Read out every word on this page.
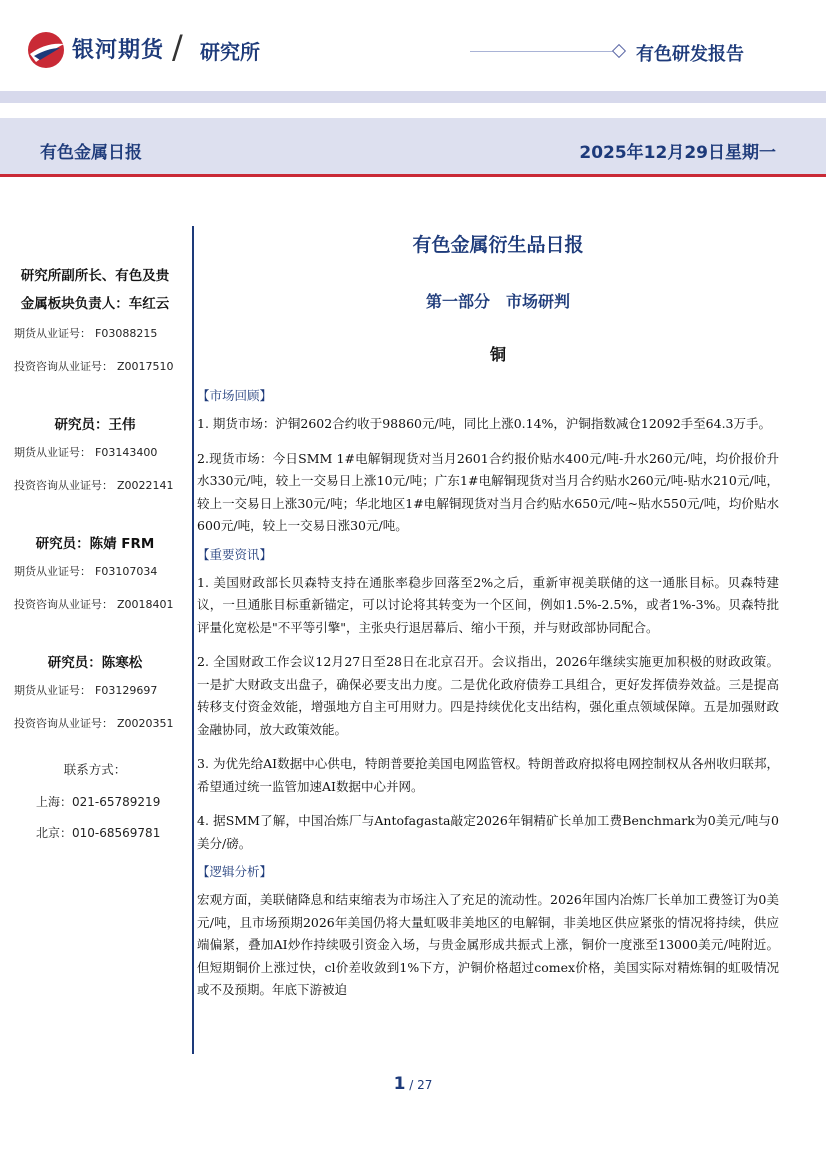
银河期货 / 研究所	有色研发报告
有色金属日报	2025年12月29日星期一
研究所副所长、有色及贵
金属板块负责人：车红云
期货从业证号： F03088215
投资咨询从业证号： Z0017510
研究员：王伟
期货从业证号： F03143400
投资咨询从业证号： Z0022141
研究员：陈婧 FRM
期货从业证号： F03107034
投资咨询从业证号： Z0018401
研究员：陈寒松
期货从业证号： F03129697
投资咨询从业证号： Z0020351
联系方式：
上海：021-65789219
北京：010-68569781
有色金属衍生品日报
第一部分　市场研判
铜
【市场回顾】

1. 期货市场：沪铜2602合约收于98860元/吨，同比上涨0.14%，沪铜指数减仓12092手至64.3万手。

2.现货市场：今日SMM 1#电解铜现货对当月2601合约报价贴水400元/吨-升水260元/吨，均价报价升水330元/吨，较上一交易日上涨10元/吨；广东1#电解铜现货对当月合约贴水260元/吨-贴水210元/吨，较上一交易日上涨30元/吨；华北地区1#电解铜现货对当月合约贴水650元/吨~贴水550元/吨，均价贴水600元/吨，较上一交易日涨30元/吨。

【重要资讯】

1. 美国财政部长贝森特支持在通胀率稳步回落至2%之后，重新审视美联储的这一通胀目标。贝森特建议，一旦通胀目标重新锚定，可以讨论将其转变为一个区间，例如1.5%-2.5%，或者1%-3%。贝森特批评量化宽松是"不平等引擎"，主张央行退居幕后、缩小干预，并与财政部协同配合。

2. 全国财政工作会议12月27日至28日在北京召开。会议指出，2026年继续实施更加积极的财政政策。一是扩大财政支出盘子，确保必要支出力度。二是优化政府债券工具组合，更好发挥债券效益。三是提高转移支付资金效能，增强地方自主可用财力。四是持续优化支出结构，强化重点领域保障。五是加强财政金融协同，放大政策效能。

3. 为优先给AI数据中心供电，特朗普要抢美国电网监管权。特朗普政府拟将电网控制权从各州收归联邦，希望通过统一监管加速AI数据中心并网。

4. 据SMM了解，中国冶炼厂与Antofagasta敲定2026年铜精矿长单加工费Benchmark为0美元/吨与0美分/磅。

【逻辑分析】

宏观方面，美联储降息和结束缩表为市场注入了充足的流动性。2026年国内冶炼厂长单加工费签订为0美元/吨，且市场预期2026年美国仍将大量虹吸非美地区的电解铜，非美地区供应紧张的情况将持续，供应端偏紧，叠加AI炒作持续吸引资金入场，与贵金属形成共振式上涨，铜价一度涨至13000美元/吨附近。但短期铜价上涨过快，cl价差收敛到1%下方，沪铜价格超过comex价格，美国实际对精炼铜的虹吸情况或不及预期。年底下游被迫

1 / 27
